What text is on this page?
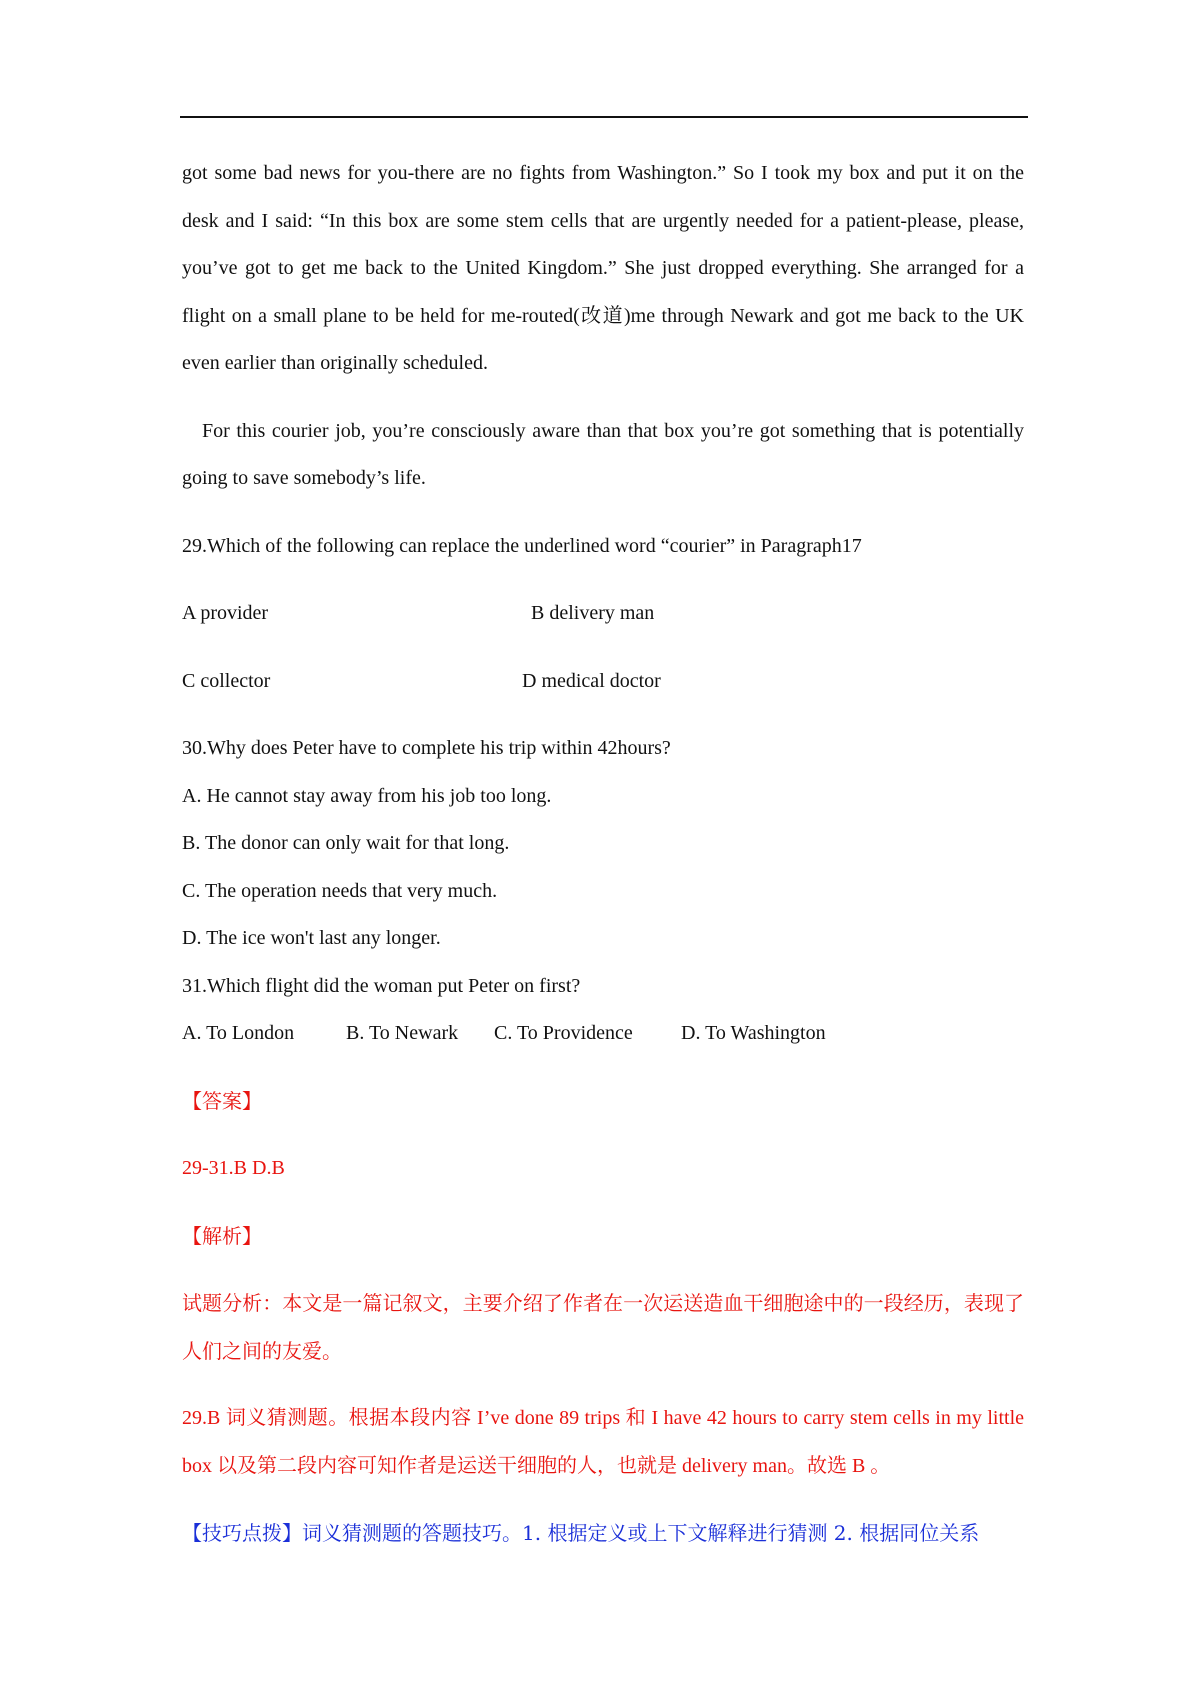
got some bad news for you-there are no fights from Washington.” So I took my box and put it on the desk and I said: “In this box are some stem cells that are urgently needed for a patient-please, please, you’ve got to get me back to the United Kingdom.” She just dropped everything. She arranged for a flight on a small plane to be held for me-routed(改道)me through Newark and got me back to the UK even earlier than originally scheduled.

For this courier job, you’re consciously aware than that box you’re got something that is potentially going to save somebody’s life.

29.Which of the following can replace the underlined word “courier” in Paragraph17

A provider	B delivery man
C collector	D medical doctor

30.Why does Peter have to complete his trip within 42hours?

A. He cannot stay away from his job too long.

B. The donor can only wait for that long.

C. The operation needs that very much.

D. The ice won't last any longer.

31.Which flight did the woman put Peter on first?

A. To London	B. To Newark C. To Providence D. To Washington

【答案】

29-31.B D.B

【解析】

试题分析：本文是一篇记叙文，主要介绍了作者在一次运送造血干细胞途中的一段经历，表现了人们之间的友爱。

29.B 词义猜测题。根据本段内容 I’ve done 89 trips 和 I have 42 hours to carry stem cells in my little box 以及第二段内容可知作者是运送干细胞的人，也就是 delivery man。故选 B 。

【技巧点拨】词义猜测题的答题技巧。1. 根据定义或上下文解释进行猜测 2. 根据同位关系
